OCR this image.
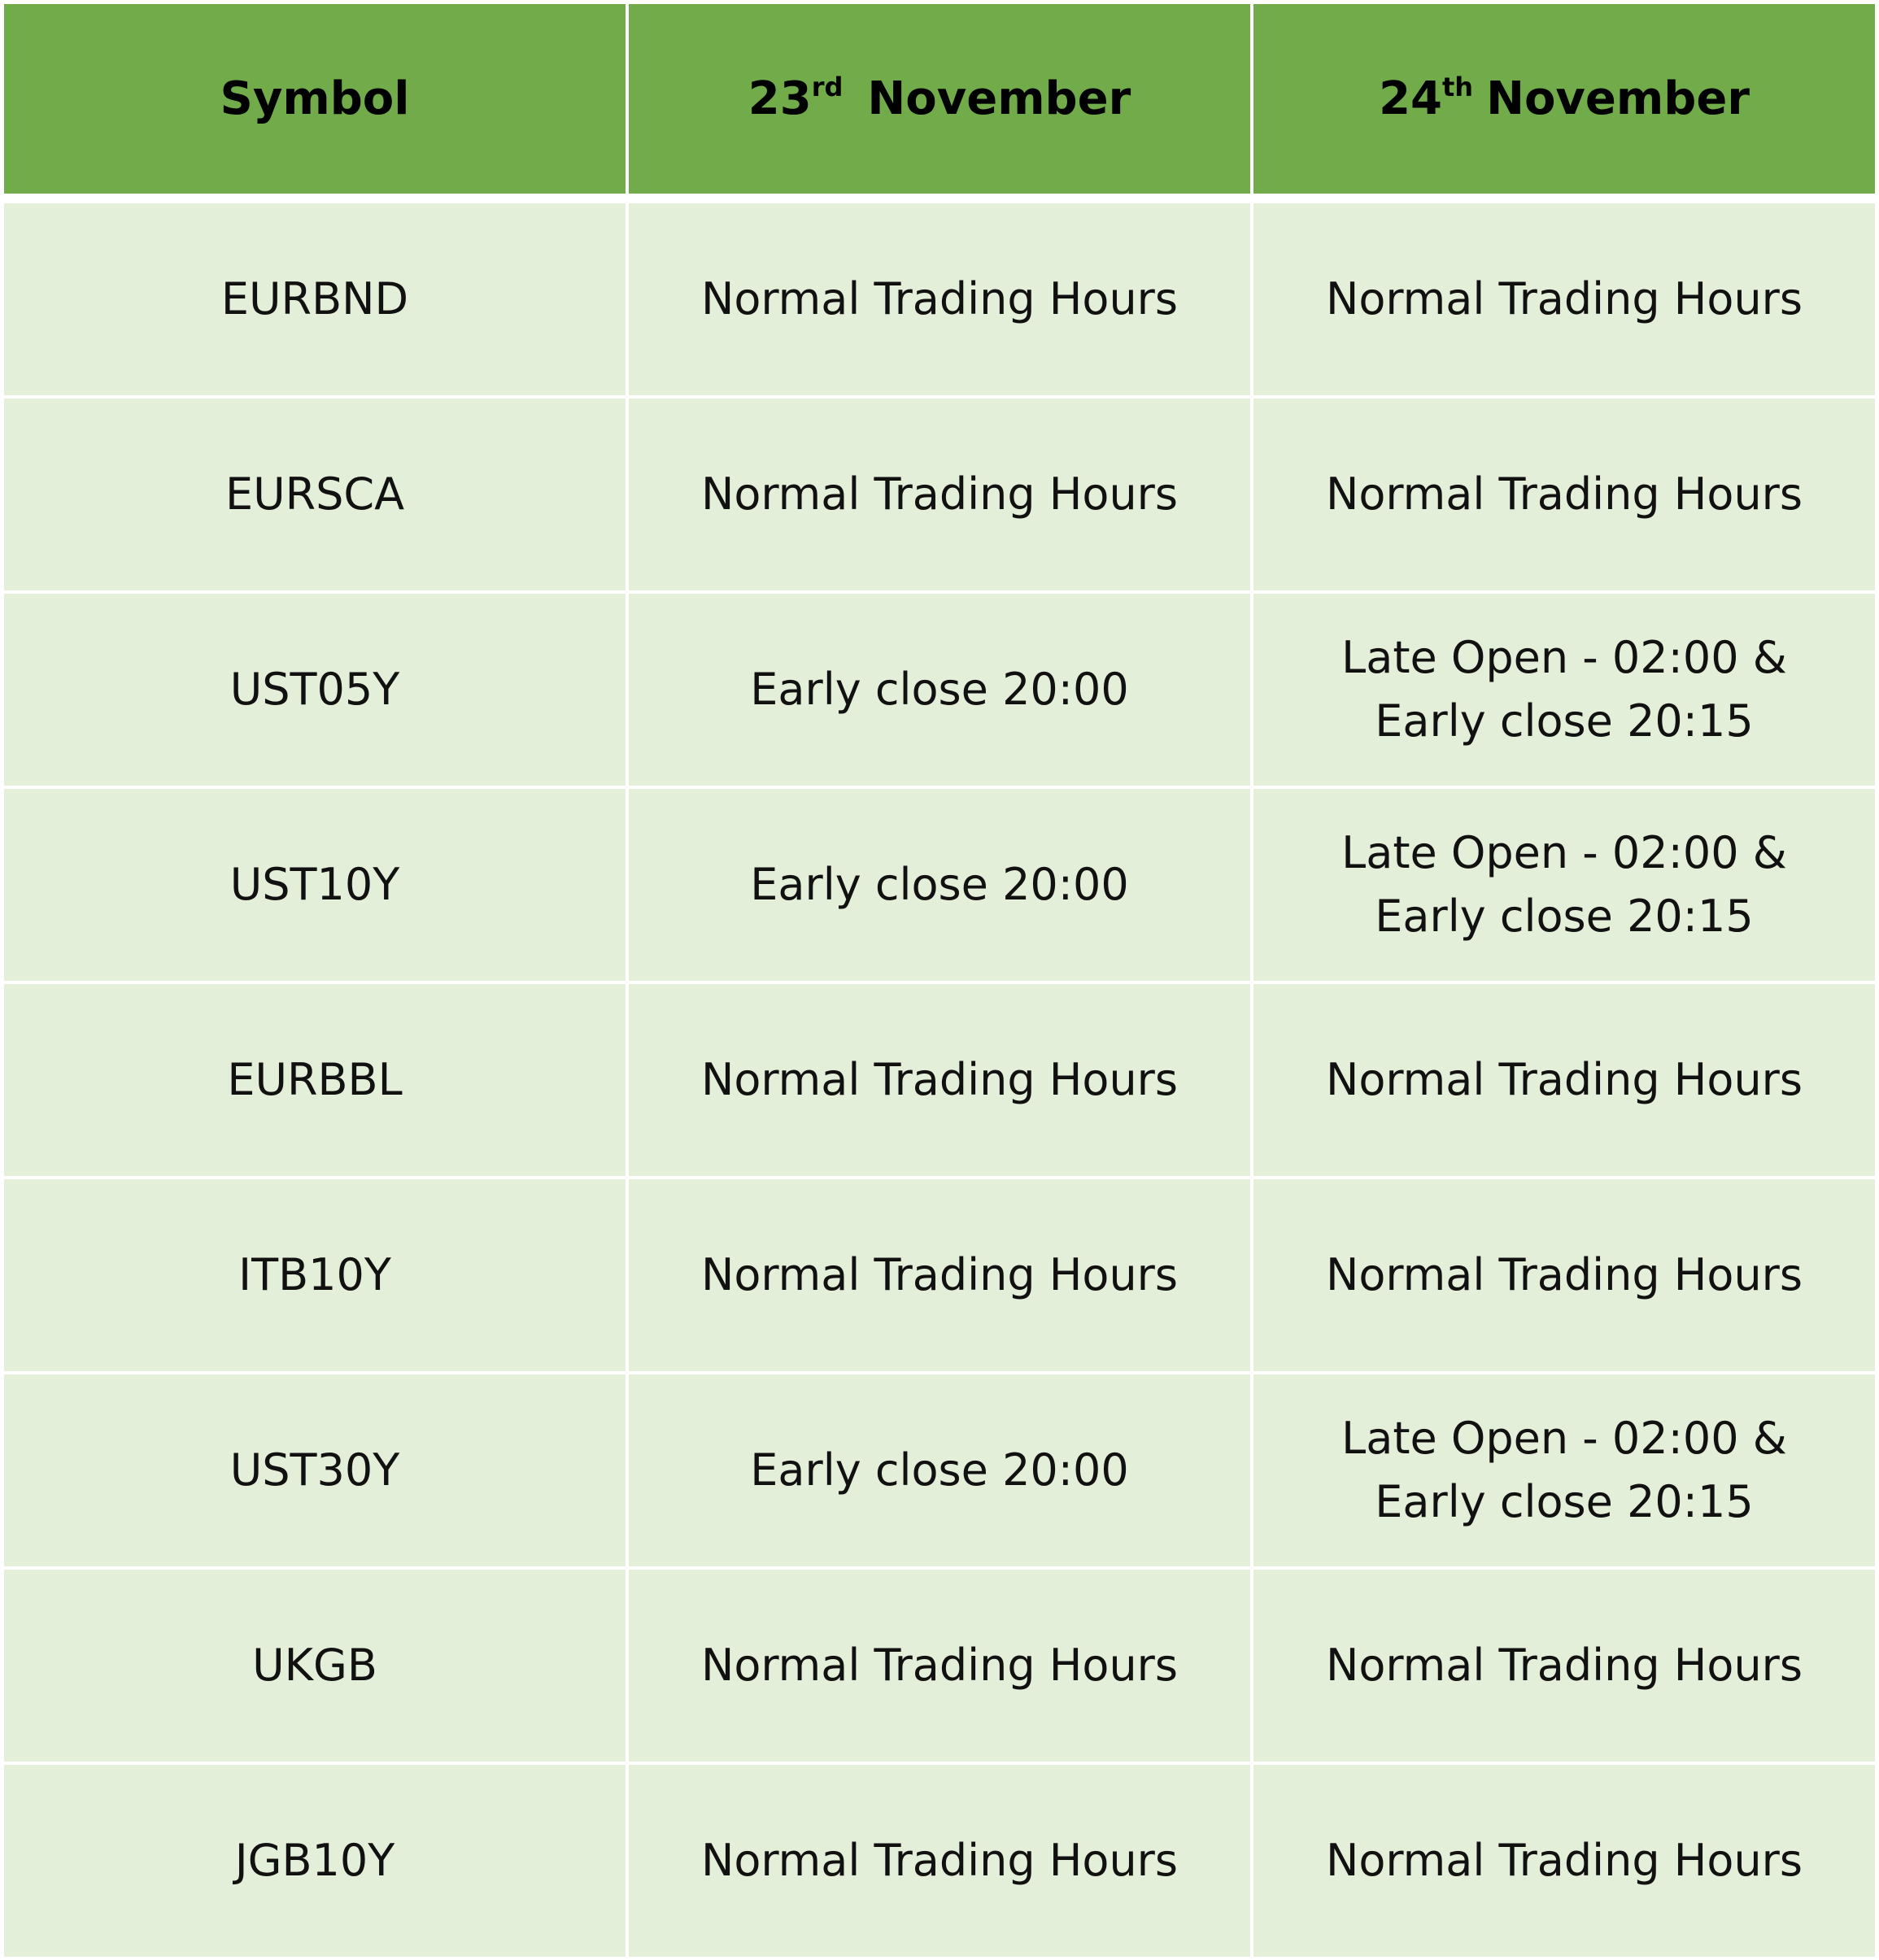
Symbol	23rd November	24th November

EURBND	Normal Trading Hours	Normal Trading Hours
EURSCA	Normal Trading Hours	Normal Trading Hours
UST05Y	Early close 20:00	Late Open - 02:00 & Early close 20:15
UST10Y	Early close 20:00	Late Open - 02:00 & Early close 20:15
EURBBL	Normal Trading Hours	Normal Trading Hours
ITB10Y	Normal Trading Hours	Normal Trading Hours
UST30Y	Early close 20:00	Late Open - 02:00 & Early close 20:15
UKGB	Normal Trading Hours	Normal Trading Hours
JGB10Y	Normal Trading Hours	Normal Trading Hours
